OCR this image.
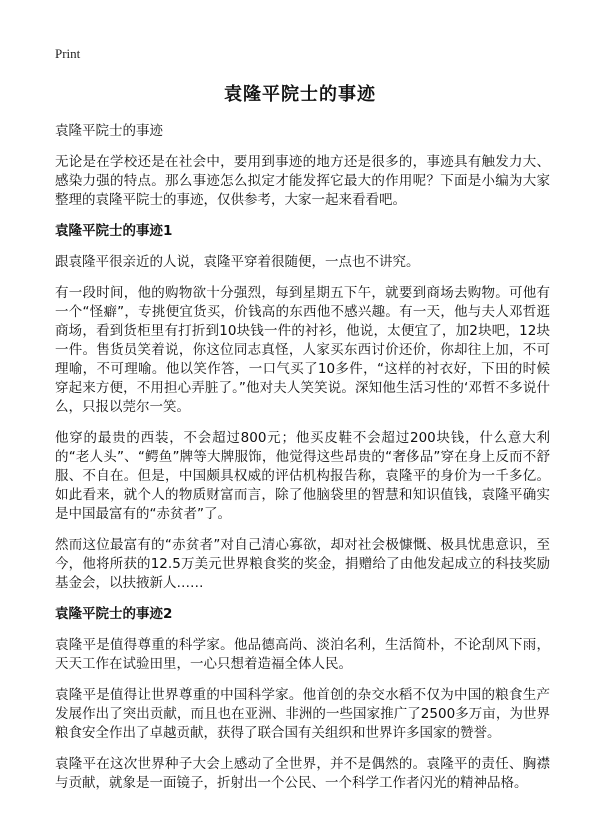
Print
袁隆平院士的事迹

袁隆平院士的事迹

无论是在学校还是在社会中，要用到事迹的地方还是很多的，事迹具有触发力大、感染力强的特点。那么事迹怎么拟定才能发挥它最大的作用呢？下面是小编为大家整理的袁隆平院士的事迹，仅供参考，大家一起来看看吧。

袁隆平院士的事迹1

跟袁隆平很亲近的人说，袁隆平穿着很随便，一点也不讲究。

有一段时间，他的购物欲十分强烈，每到星期五下午，就要到商场去购物。可他有一个“怪癖”，专挑便宜货买，价钱高的东西他不感兴趣。有一天，他与夫人邓哲逛商场，看到货柜里有打折到10块钱一件的衬衫，他说，太便宜了，加2块吧，12块一件。售货员笑着说，你这位同志真怪，人家买东西讨价还价，你却往上加，不可理喻，不可理喻。他以笑作答，一口气买了10多件，“这样的衬衣好，下田的时候穿起来方便，不用担心弄脏了。”他对夫人笑笑说。深知他生活习性的‘邓哲不多说什么，只报以莞尔一笑。

他穿的最贵的西装，不会超过800元；他买皮鞋不会超过200块钱，什么意大利的“老人头”、“鳄鱼”牌等大牌服饰，他觉得这些昂贵的“奢侈品”穿在身上反而不舒服、不自在。但是，中国颇具权威的评估机构报告称，袁隆平的身价为一千多亿。如此看来，就个人的物质财富而言，除了他脑袋里的智慧和知识值钱，袁隆平确实是中国最富有的“赤贫者”了。

然而这位最富有的“赤贫者”对自己清心寡欲，却对社会极慷慨、极具忧患意识，至今，他将所获的12.5万美元世界粮食奖的奖金，捐赠给了由他发起成立的科技奖励基金会，以扶掖新人……

袁隆平院士的事迹2

袁隆平是值得尊重的科学家。他品德高尚、淡泊名利，生活简朴，不论刮风下雨，天天工作在试验田里，一心只想着造福全体人民。

袁隆平是值得让世界尊重的中国科学家。他首创的杂交水稻不仅为中国的粮食生产发展作出了突出贡献，而且也在亚洲、非洲的一些国家推广了2500多万亩，为世界粮食安全作出了卓越贡献，获得了联合国有关组织和世界许多国家的赞誉。

袁隆平在这次世界种子大会上感动了全世界，并不是偶然的。袁隆平的责任、胸襟与贡献，就象是一面镜子，折射出一个公民、一个科学工作者闪光的精神品格。
